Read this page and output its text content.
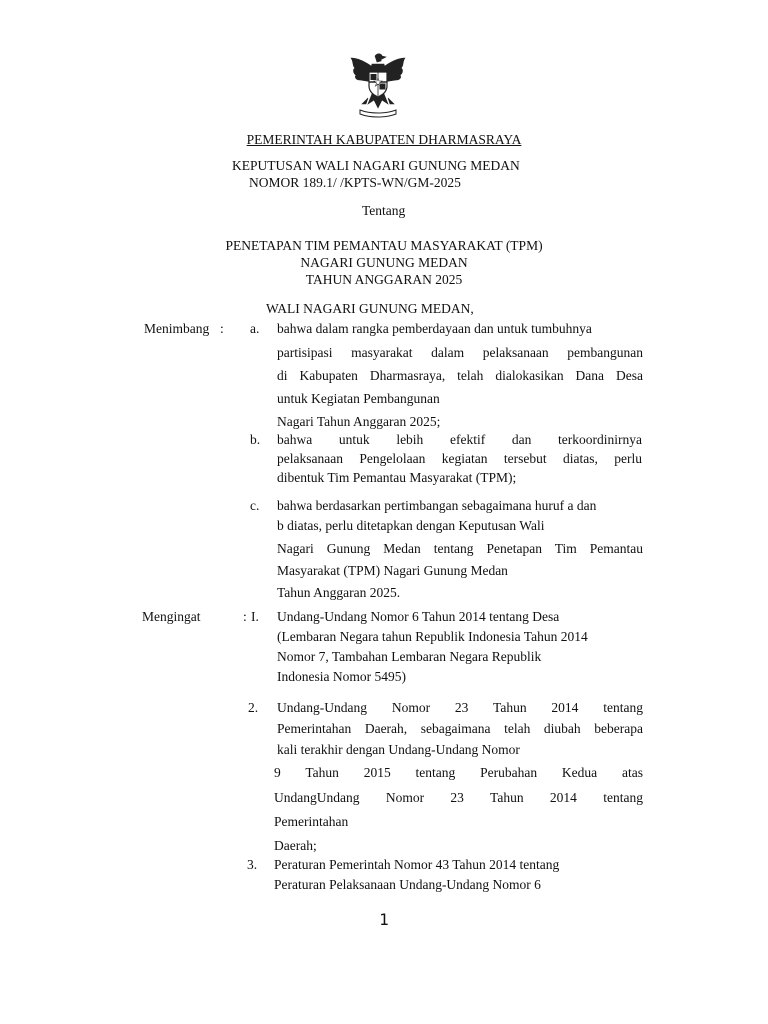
PEMERINTAH KABUPATEN DHARMASRAYA
KEPUTUSAN WALI NAGARI GUNUNG MEDAN
NOMOR 189.1/ /KPTS-WN/GM-2025
Tentang
PENETAPAN TIM PEMANTAU MASYARAKAT (TPM)
NAGARI GUNUNG MEDAN
TAHUN ANGGARAN 2025
WALI NAGARI GUNUNG MEDAN,
Menimbang : a. bahwa dalam rangka pemberdayaan dan untuk tumbuhnya
partisipasi masyarakat dalam pelaksanaan pembangunan
di Kabupaten Dharmasraya, telah dialokasikan Dana Desa
untuk Kegiatan Pembangunan
Nagari Tahun Anggaran 2025;
b. bahwa untuk lebih efektif dan terkoordinirnya
pelaksanaan Pengelolaan kegiatan tersebut diatas, perlu
dibentuk Tim Pemantau Masyarakat (TPM);
c. bahwa berdasarkan pertimbangan sebagaimana huruf a dan
b diatas, perlu ditetapkan dengan Keputusan Wali
Nagari Gunung Medan tentang Penetapan Tim Pemantau
Masyarakat (TPM) Nagari Gunung Medan
Tahun Anggaran 2025.
Mengingat	: I. Undang-Undang Nomor 6 Tahun 2014 tentang Desa
(Lembaran Negara tahun Republik Indonesia Tahun 2014
Nomor 7, Tambahan Lembaran Negara Republik
Indonesia Nomor 5495)
2. Undang-Undang Nomor 23 Tahun 2014 tentang
Pemerintahan Daerah, sebagaimana telah diubah beberapa
kali terakhir dengan Undang-Undang Nomor
9 Tahun 2015 tentang Perubahan Kedua atas
UndangUndang Nomor 23 Tahun 2014 tentang
Pemerintahan
Daerah;
3. Peraturan Pemerintah Nomor 43 Tahun 2014 tentang
Peraturan Pelaksanaan Undang-Undang Nomor 6
1
